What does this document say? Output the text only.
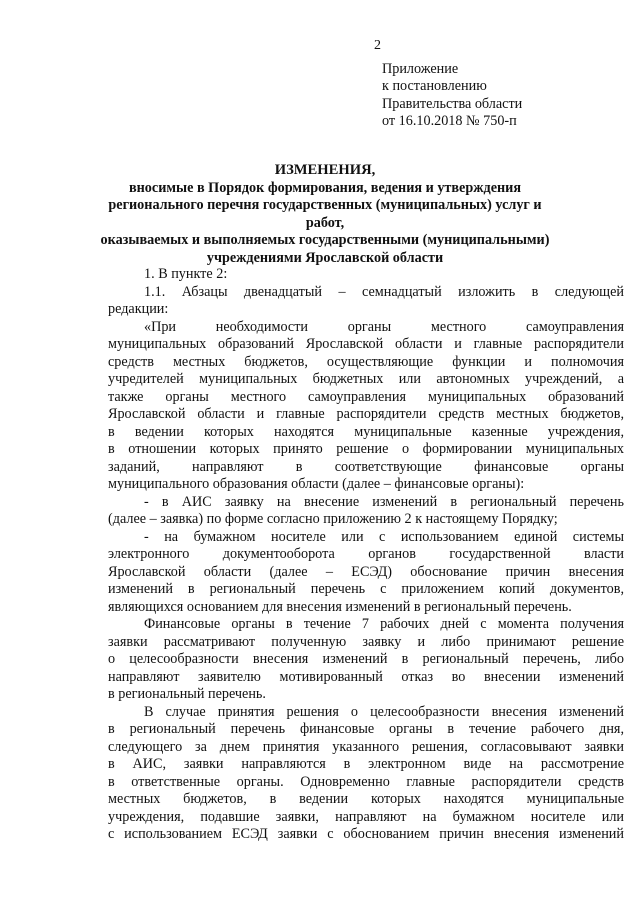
2
Приложение
к постановлению
Правительства области
от 16.10.2018 № 750-п
ИЗМЕНЕНИЯ,
вносимые в Порядок формирования, ведения и утверждения
регионального перечня государственных (муниципальных) услуг и работ,
оказываемых и выполняемых государственными (муниципальными)
учреждениями Ярославской области
1. В пункте 2:
1.1. Абзацы двенадцатый – семнадцатый изложить в следующей
редакции:
«При необходимости органы местного самоуправления
муниципальных образований Ярославской области и главные распорядители
средств местных бюджетов, осуществляющие функции и полномочия
учредителей муниципальных бюджетных или автономных учреждений, а
также органы местного самоуправления муниципальных образований
Ярославской области и главные распорядители средств местных бюджетов,
в ведении которых находятся муниципальные казенные учреждения,
в отношении которых принято решение о формировании муниципальных
заданий, направляют в соответствующие финансовые органы
муниципального образования области (далее – финансовые органы):
- в АИС заявку на внесение изменений в региональный перечень
(далее – заявка) по форме согласно приложению 2 к настоящему Порядку;
- на бумажном носителе или с использованием единой системы
электронного документооборота органов государственной власти
Ярославской области (далее – ЕСЭД) обоснование причин внесения
изменений в региональный перечень с приложением копий документов,
являющихся основанием для внесения изменений в региональный перечень.
Финансовые органы в течение 7 рабочих дней с момента получения
заявки рассматривают полученную заявку и либо принимают решение
о целесообразности внесения изменений в региональный перечень, либо
направляют заявителю мотивированный отказ во внесении изменений
в региональный перечень.
В случае принятия решения о целесообразности внесения изменений
в региональный перечень финансовые органы в течение рабочего дня,
следующего за днем принятия указанного решения, согласовывают заявки
в АИС, заявки направляются в электронном виде на рассмотрение
в ответственные органы. Одновременно главные распорядители средств
местных бюджетов, в ведении которых находятся муниципальные
учреждения, подавшие заявки, направляют на бумажном носителе или
с использованием ЕСЭД заявки с обоснованием причин внесения изменений
